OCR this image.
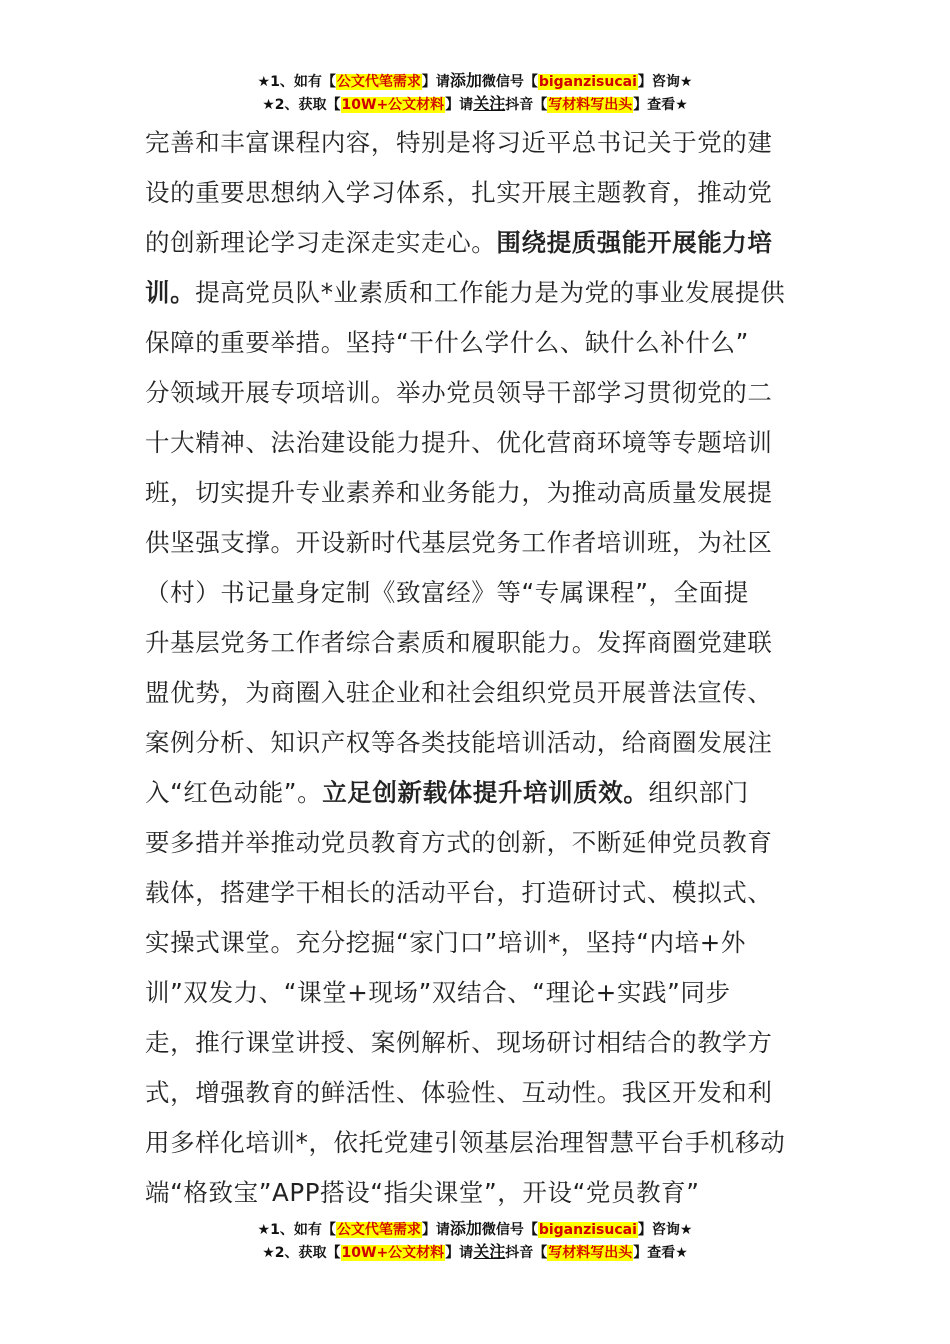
★1、如有【公文代笔需求】请添加微信号【biganzisucai】咨询★
★2、获取【10W+公文材料】请关注抖音【写材料写出头】查看★
完善和丰富课程内容，特别是将习近平总书记关于党的建
设的重要思想纳入学习体系，扎实开展主题教育，推动党
的创新理论学习走深走实走心。围绕提质强能开展能力培
训。提高党员队*业素质和工作能力是为党的事业发展提供
保障的重要举措。坚持“干什么学什么、缺什么补什么”
分领域开展专项培训。举办党员领导干部学习贯彻党的二
十大精神、法治建设能力提升、优化营商环境等专题培训
班，切实提升专业素养和业务能力，为推动高质量发展提
供坚强支撑。开设新时代基层党务工作者培训班，为社区
（村）书记量身定制《致富经》等“专属课程”，全面提
升基层党务工作者综合素质和履职能力。发挥商圈党建联
盟优势，为商圈入驻企业和社会组织党员开展普法宣传、
案例分析、知识产权等各类技能培训活动，给商圈发展注
入“红色动能”。立足创新载体提升培训质效。组织部门
要多措并举推动党员教育方式的创新，不断延伸党员教育
载体，搭建学干相长的活动平台，打造研讨式、模拟式、
实操式课堂。充分挖掘“家门口”培训*，坚持“内培+外
训”双发力、“课堂+现场”双结合、“理论+实践”同步
走，推行课堂讲授、案例解析、现场研讨相结合的教学方
式，增强教育的鲜活性、体验性、互动性。我区开发和利
用多样化培训*，依托党建引领基层治理智慧平台手机移动
端“格致宝”APP搭设“指尖课堂”，开设“党员教育”
★1、如有【公文代笔需求】请添加微信号【biganzisucai】咨询★
★2、获取【10W+公文材料】请关注抖音【写材料写出头】查看★
